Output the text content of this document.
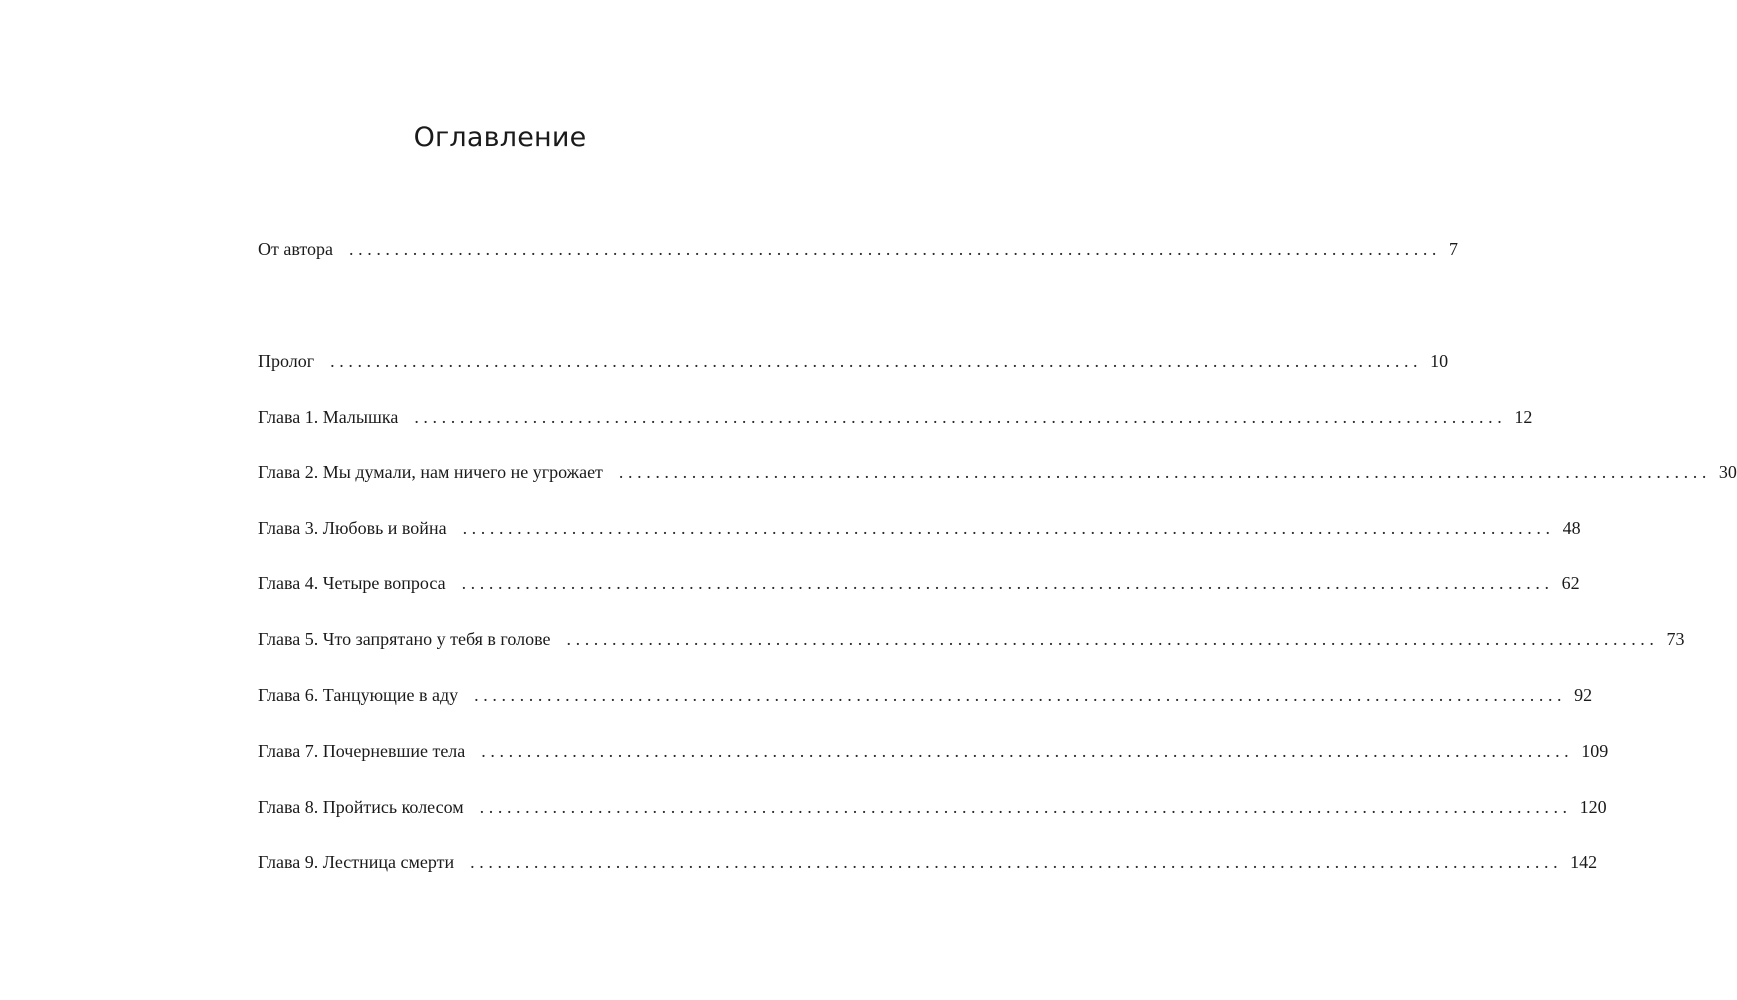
Оглавление
От автора ........................................................................................................................ 7
Пролог ........................................................................................................................ 10
Глава 1. Малышка ........................................................................................................................ 12
Глава 2. Мы думали, нам ничего не угрожает ........................................................................................................................ 30
Глава 3. Любовь и война ........................................................................................................................ 48
Глава 4. Четыре вопроса ........................................................................................................................ 62
Глава 5. Что запрятано у тебя в голове ........................................................................................................................ 73
Глава 6. Танцующие в аду ........................................................................................................................ 92
Глава 7. Почерневшие тела ........................................................................................................................ 109
Глава 8. Пройтись колесом ........................................................................................................................ 120
Глава 9. Лестница смерти ........................................................................................................................ 142
